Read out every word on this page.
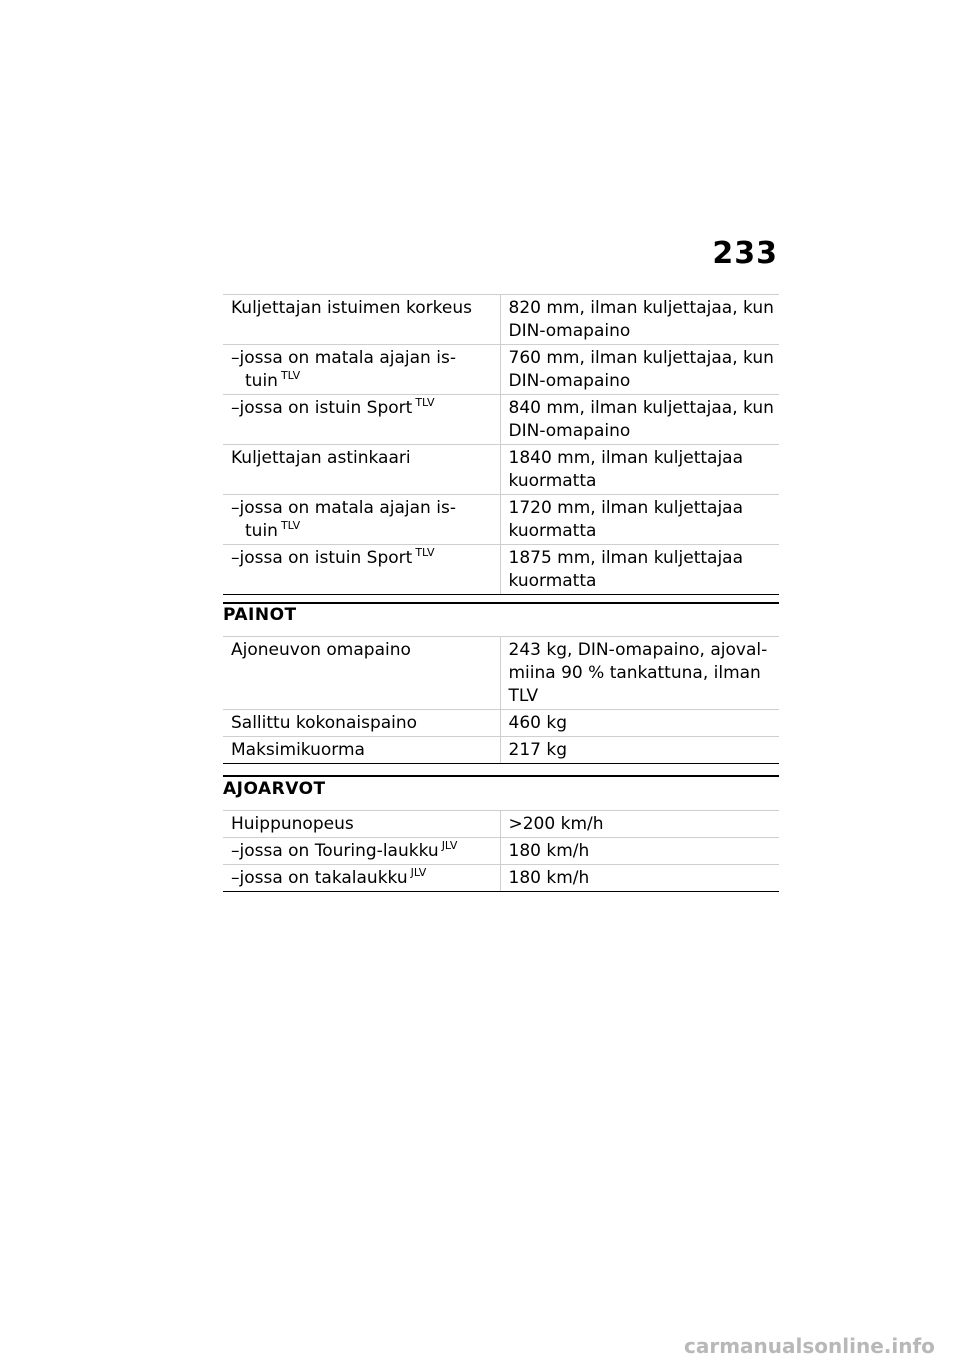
233
Kuljettajan istuimen korkeus	820 mm, ilman kuljettajaa, kun DIN-omapaino
–jossa on matala ajajan istuin $^{TLV}$	760 mm, ilman kuljettajaa, kun DIN-omapaino
–jossa on istuin Sport $^{TLV}$	840 mm, ilman kuljettajaa, kun DIN-omapaino
Kuljettajan astinkaari	1840 mm, ilman kuljettajaa kuormatta
–jossa on matala ajajan istuin $^{TLV}$	1720 mm, ilman kuljettajaa kuormatta
–jossa on istuin Sport $^{TLV}$	1875 mm, ilman kuljettajaa kuormatta
PAINOT
Ajoneuvon omapaino	243 kg, DIN-omapaino, ajovalmiina 90 % tankattuna, ilman TLV
Sallittu kokonaispaino	460 kg
Maksimikuorma	217 kg
AJOARVOT
Huippunopeus	>200 km/h
–jossa on Touring-laukku $^{JLV}$	180 km/h
–jossa on takalaukku $^{JLV}$	180 km/h
carmanualsonline.info
